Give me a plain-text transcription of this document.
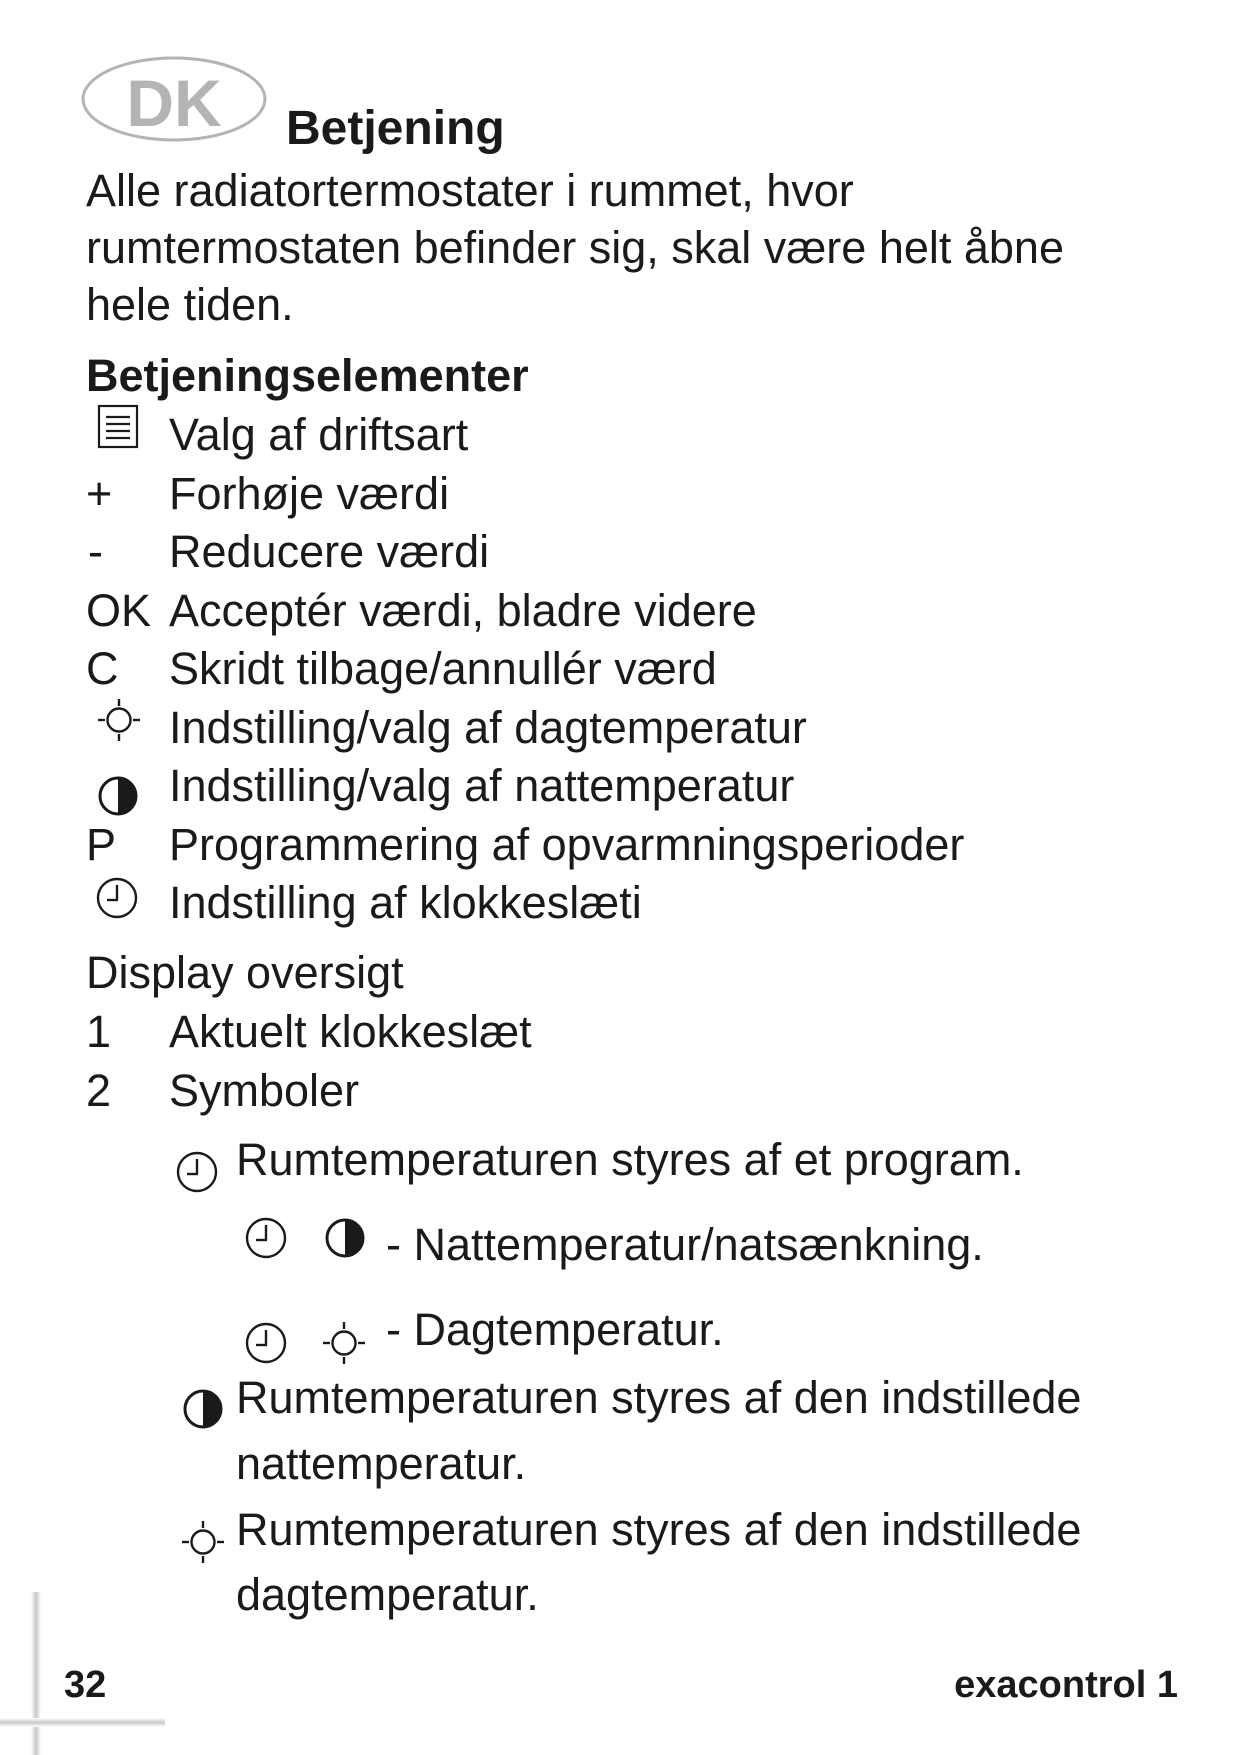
DK Betjening
Alle radiatortermostater i rummet, hvor
rumtermostaten befinder sig, skal være helt åbne
hele tiden.
Betjeningselementer
Valg af driftsart
+ Forhøje værdi
- Reducere værdi
OK Acceptér værdi, bladre videre
C Skridt tilbage/annullér værd
Indstilling/valg af dagtemperatur
Indstilling/valg af nattemperatur
P Programmering af opvarmningsperioder
Indstilling af klokkeslæti
Display oversigt
1 Aktuelt klokkeslæt
2 Symboler
Rumtemperaturen styres af et program.
- Nattemperatur/natsænkning.
- Dagtemperatur.
Rumtemperaturen styres af den indstillede
nattemperatur.
Rumtemperaturen styres af den indstillede
dagtemperatur.
32	exacontrol 1
